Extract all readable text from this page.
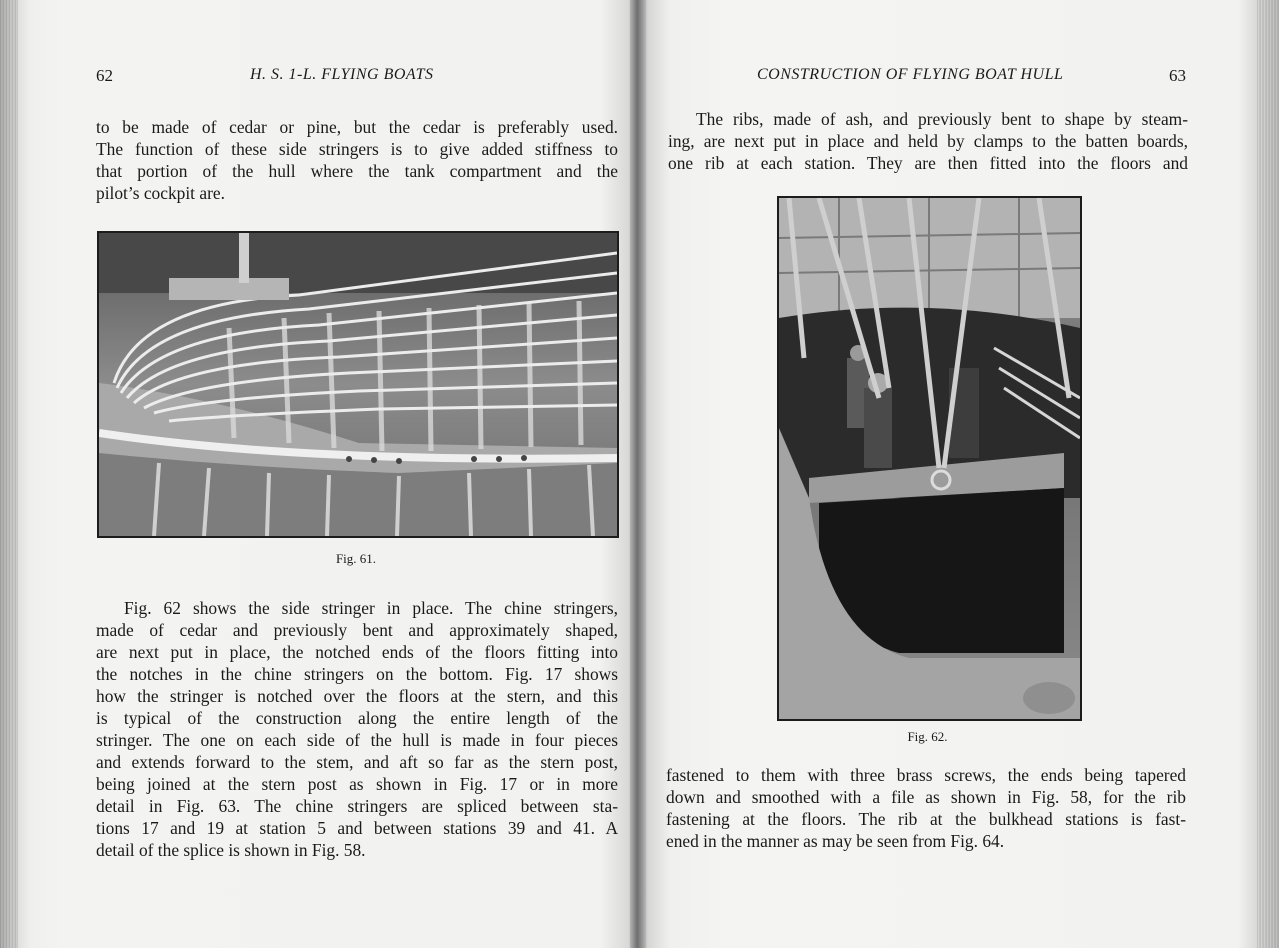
62	H. S. 1-L. FLYING BOATS
to be made of cedar or pine, but the cedar is preferably used.
The function of these side stringers is to give added stiffness to
that portion of the hull where the tank compartment and the
pilot’s cockpit are.
Fig. 61.
Fig. 62 shows the side stringer in place. The chine stringers,
made of cedar and previously bent and approximately shaped,
are next put in place, the notched ends of the floors fitting into
the notches in the chine stringers on the bottom. Fig. 17 shows
how the stringer is notched over the floors at the stern, and this
is typical of the construction along the entire length of the
stringer. The one on each side of the hull is made in four pieces
and extends forward to the stem, and aft so far as the stern post,
being joined at the stern post as shown in Fig. 17 or in more
detail in Fig. 63. The chine stringers are spliced between sta-
tions 17 and 19 at station 5 and between stations 39 and 41. A
detail of the splice is shown in Fig. 58.
CONSTRUCTION OF FLYING BOAT HULL	63
The ribs, made of ash, and previously bent to shape by steam-
ing, are next put in place and held by clamps to the batten boards,
one rib at each station. They are then fitted into the floors and
Fig. 62.
fastened to them with three brass screws, the ends being tapered
down and smoothed with a file as shown in Fig. 58, for the rib
fastening at the floors. The rib at the bulkhead stations is fast-
ened in the manner as may be seen from Fig. 64.
